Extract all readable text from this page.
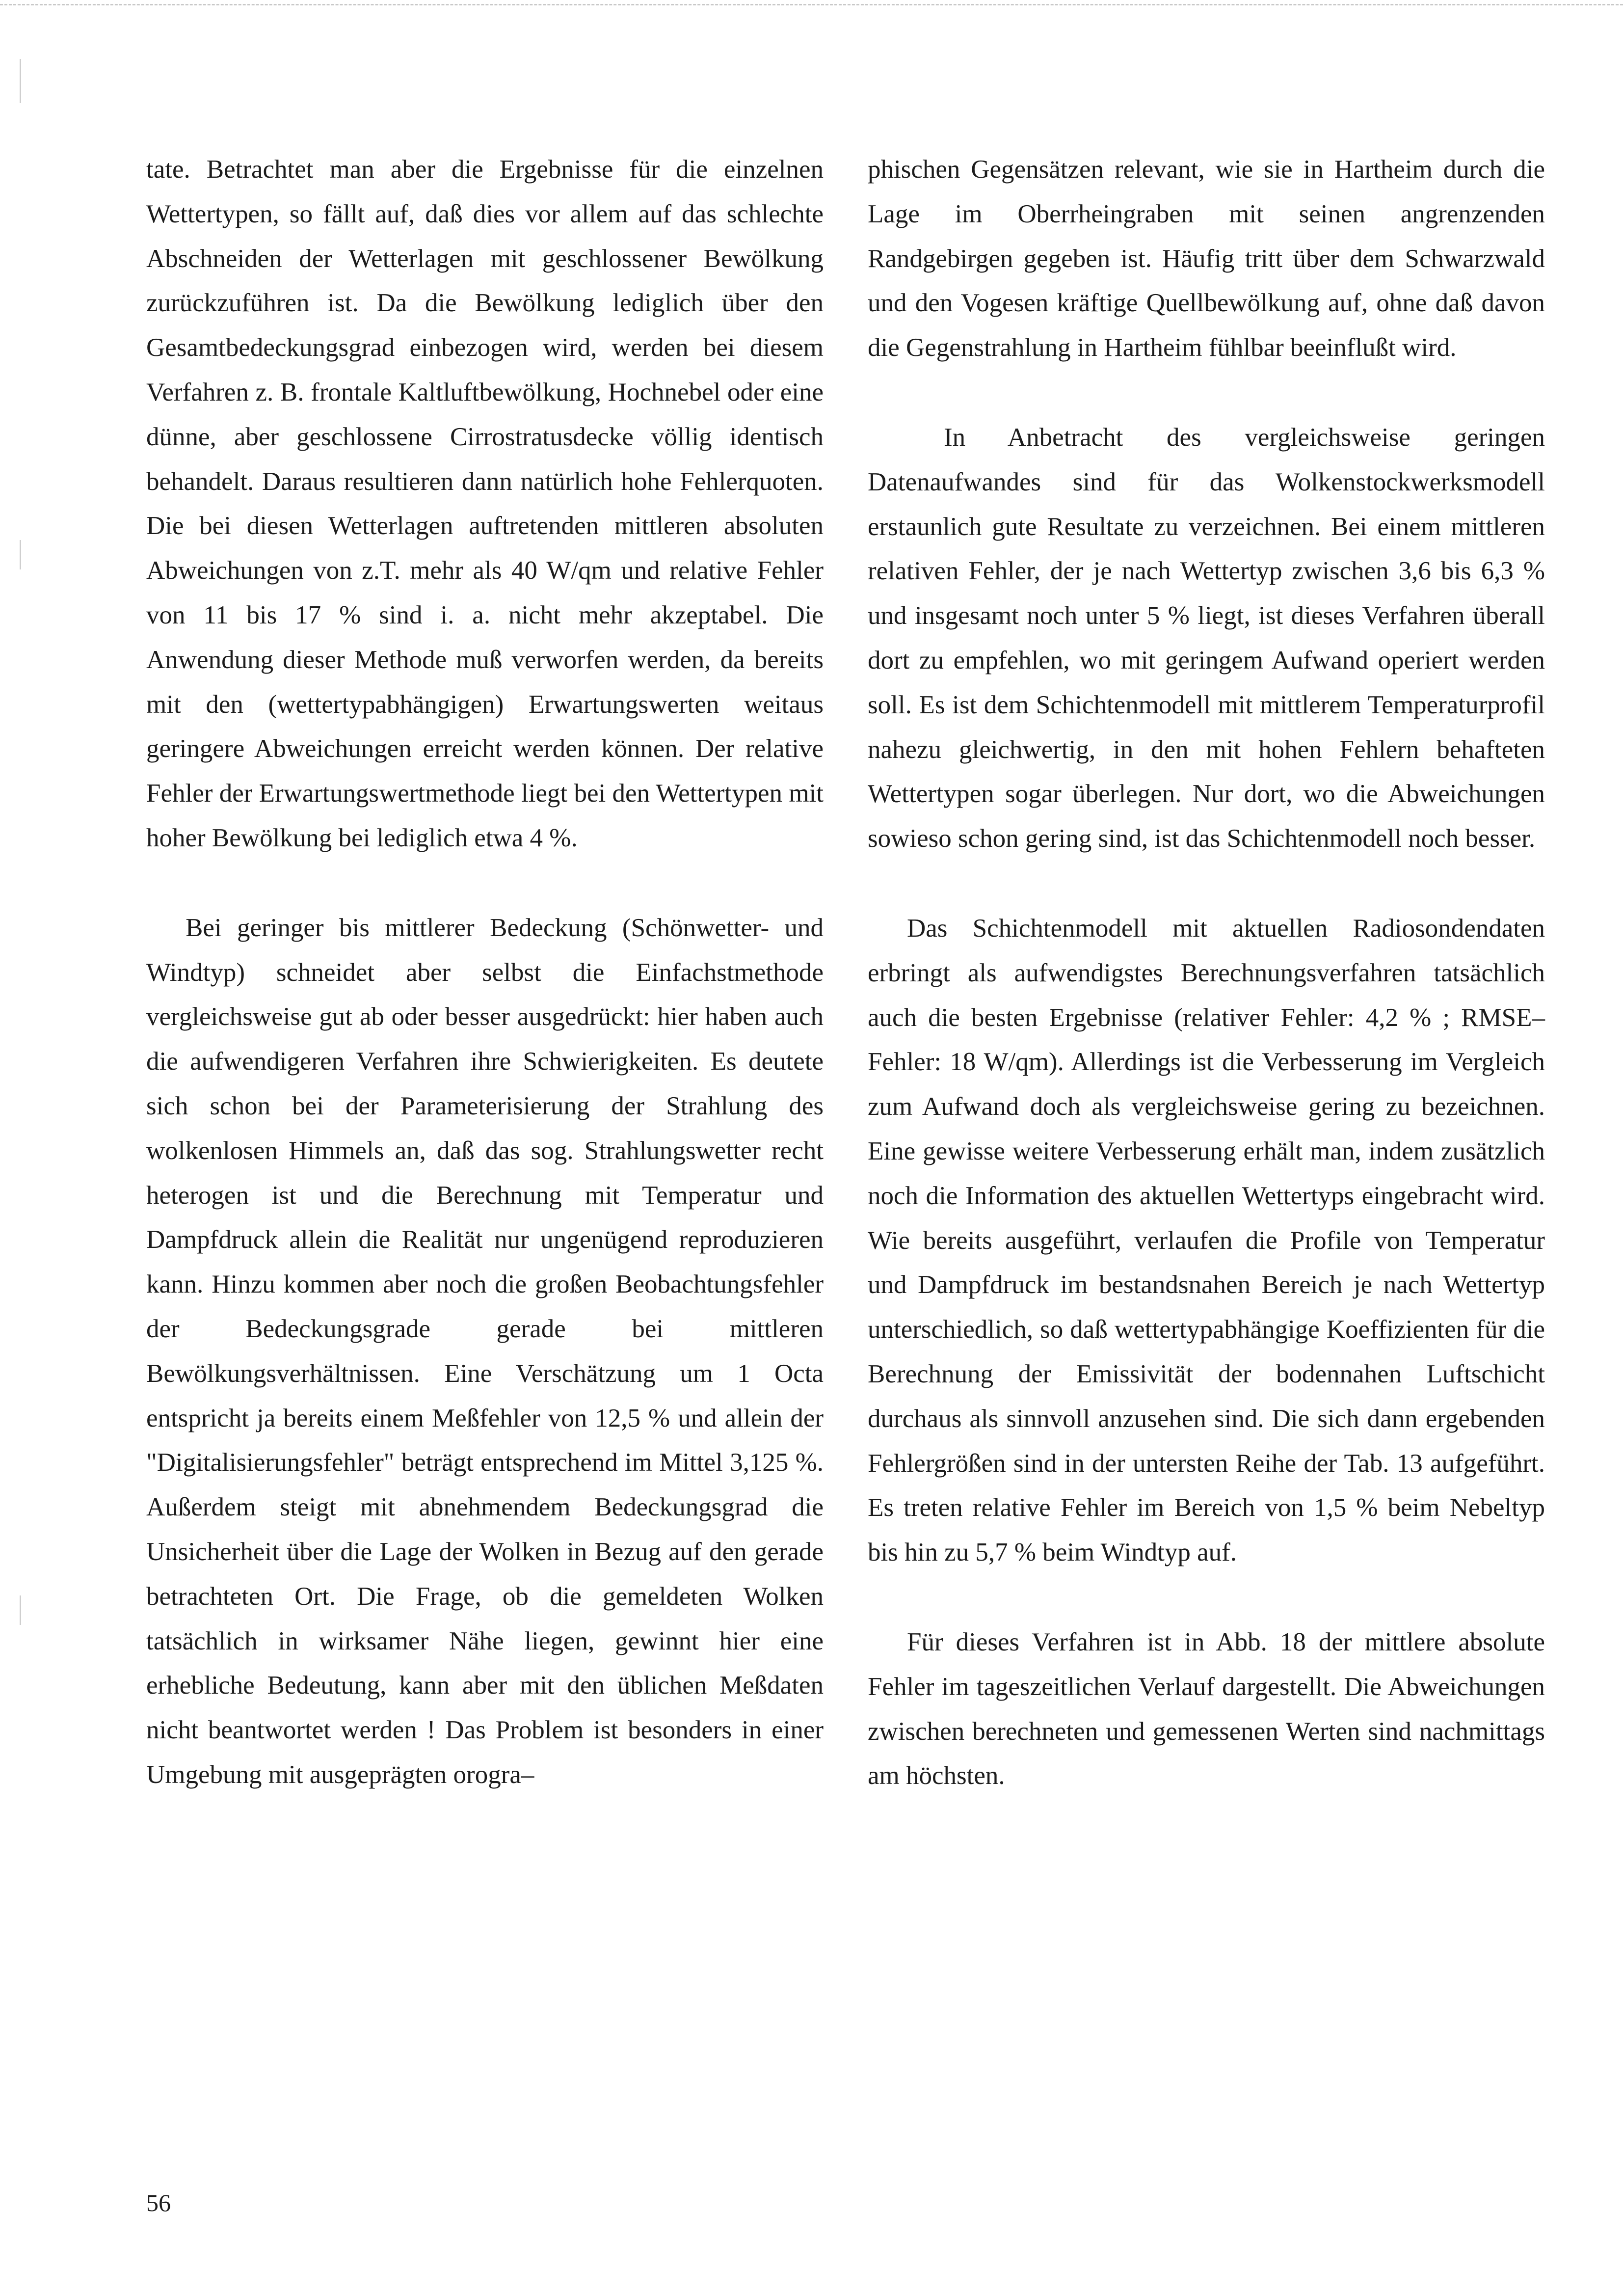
tate. Betrachtet man aber die Ergebnisse für die einzelnen Wettertypen, so fällt auf, daß dies vor allem auf das schlechte Abschneiden der Wetterlagen mit geschlossener Bewölkung zurückzuführen ist. Da die Bewölkung lediglich über den Gesamtbedeckungsgrad einbezogen wird, werden bei diesem Verfahren z. B. frontale Kaltluftbewölkung, Hochnebel oder eine dünne, aber geschlossene Cirrostratusdecke völlig identisch behandelt. Daraus resultieren dann natürlich hohe Fehlerquoten. Die bei diesen Wetterlagen auftretenden mittleren absoluten Abweichungen von z.T. mehr als 40 W/qm und relative Fehler von 11 bis 17 % sind i. a. nicht mehr akzeptabel. Die Anwendung dieser Methode muß verworfen werden, da bereits mit den (wettertypabhängigen) Erwartungswerten weitaus geringere Abweichungen erreicht werden können. Der relative Fehler der Erwartungswertmethode liegt bei den Wettertypen mit hoher Bewölkung bei lediglich etwa 4 %.

Bei geringer bis mittlerer Bedeckung (Schönwetter- und Windtyp) schneidet aber selbst die Einfachstmethode vergleichsweise gut ab oder besser ausgedrückt: hier haben auch die aufwendigeren Verfahren ihre Schwierigkeiten. Es deutete sich schon bei der Parameterisierung der Strahlung des wolkenlosen Himmels an, daß das sog. Strahlungswetter recht heterogen ist und die Berechnung mit Temperatur und Dampfdruck allein die Realität nur ungenügend reproduzieren kann. Hinzu kommen aber noch die großen Beobachtungsfehler der Bedeckungsgrade gerade bei mittleren Bewölkungsverhältnissen. Eine Verschätzung um 1 Octa entspricht ja bereits einem Meßfehler von 12,5 % und allein der "Digitalisierungsfehler" beträgt entsprechend im Mittel 3,125 %. Außerdem steigt mit abnehmendem Bedeckungsgrad die Unsicherheit über die Lage der Wolken in Bezug auf den gerade betrachteten Ort. Die Frage, ob die gemeldeten Wolken tatsächlich in wirksamer Nähe liegen, gewinnt hier eine erhebliche Bedeutung, kann aber mit den üblichen Meßdaten nicht beantwortet werden ! Das Problem ist besonders in einer Umgebung mit ausgeprägten orogra–

phischen Gegensätzen relevant, wie sie in Hartheim durch die Lage im Oberrheingraben mit seinen angrenzenden Randgebirgen gegeben ist. Häufig tritt über dem Schwarzwald und den Vogesen kräftige Quellbewölkung auf, ohne daß davon die Gegenstrahlung in Hartheim fühlbar beeinflußt wird.

In Anbetracht des vergleichsweise geringen Datenaufwandes sind für das Wolkenstockwerksmodell erstaunlich gute Resultate zu verzeichnen. Bei einem mittleren relativen Fehler, der je nach Wettertyp zwischen 3,6 bis 6,3 % und insgesamt noch unter 5 % liegt, ist dieses Verfahren überall dort zu empfehlen, wo mit geringem Aufwand operiert werden soll. Es ist dem Schichtenmodell mit mittlerem Temperaturprofil nahezu gleichwertig, in den mit hohen Fehlern behafteten Wettertypen sogar überlegen. Nur dort, wo die Abweichungen sowieso schon gering sind, ist das Schichtenmodell noch besser.

Das Schichtenmodell mit aktuellen Radiosondendaten erbringt als aufwendigstes Berechnungsverfahren tatsächlich auch die besten Ergebnisse (relativer Fehler: 4,2 % ; RMSE–Fehler: 18 W/qm). Allerdings ist die Verbesserung im Vergleich zum Aufwand doch als vergleichsweise gering zu bezeichnen. Eine gewisse weitere Verbesserung erhält man, indem zusätzlich noch die Information des aktuellen Wettertyps eingebracht wird. Wie bereits ausgeführt, verlaufen die Profile von Temperatur und Dampfdruck im bestandsnahen Bereich je nach Wettertyp unterschiedlich, so daß wettertypabhängige Koeffizienten für die Berechnung der Emissivität der bodennahen Luftschicht durchaus als sinnvoll anzusehen sind. Die sich dann ergebenden Fehlergrößen sind in der untersten Reihe der Tab. 13 aufgeführt. Es treten relative Fehler im Bereich von 1,5 % beim Nebeltyp bis hin zu 5,7 % beim Windtyp auf.

Für dieses Verfahren ist in Abb. 18 der mittlere absolute Fehler im tageszeitlichen Verlauf dargestellt. Die Abweichungen zwischen berechneten und gemessenen Werten sind nachmittags am höchsten.

56
